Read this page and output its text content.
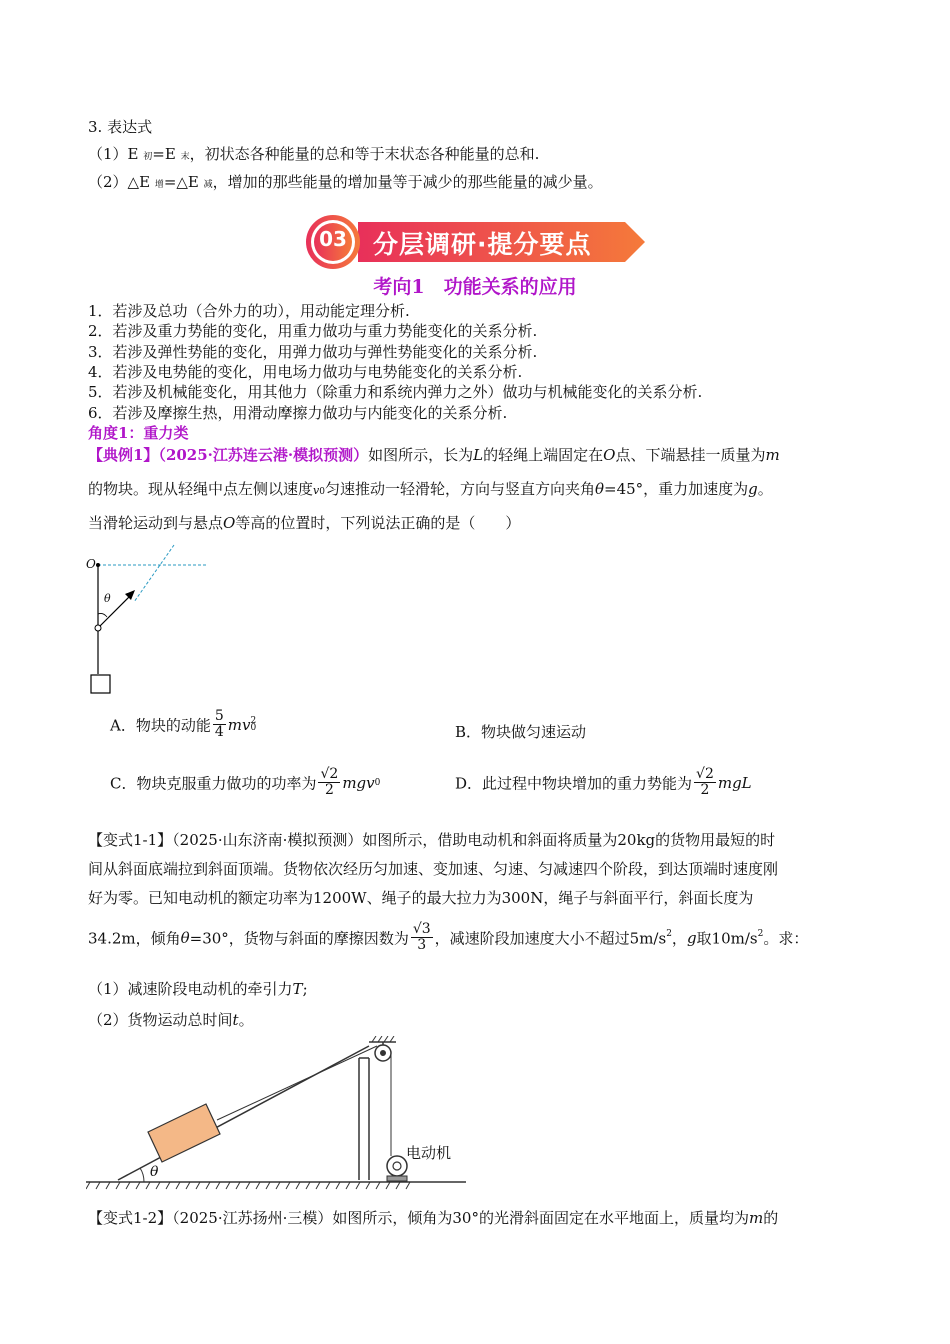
3. 表达式
（1）E 初=E 末，初状态各种能量的总和等于末状态各种能量的总和.
（2）△E 增=△E 减，增加的那些能量的增加量等于减少的那些能量的减少量。
03 分层调研·提分要点
考向1　功能关系的应用
1．若涉及总功（合外力的功），用动能定理分析.
2．若涉及重力势能的变化，用重力做功与重力势能变化的关系分析.
3．若涉及弹性势能的变化，用弹力做功与弹性势能变化的关系分析.
4．若涉及电势能的变化，用电场力做功与电势能变化的关系分析.
5．若涉及机械能变化，用其他力（除重力和系统内弹力之外）做功与机械能变化的关系分析.
6．若涉及摩擦生热，用滑动摩擦力做功与内能变化的关系分析.
角度1：重力类
【典例1】（2025·江苏连云港·模拟预测）如图所示，长为L的轻绳上端固定在O点、下端悬挂一质量为m
的物块。现从轻绳中点左侧以速度v0匀速推动一轻滑轮，方向与竖直方向夹角θ=45°，重力加速度为g。
当滑轮运动到与悬点O等高的位置时，下列说法正确的是（　　）
O
θ
A．物块的动能 $\frac{5}{4}$ mv 2
0	B．物块做匀速运动
C．物块克服重力做功的功率为 $\frac{√2}{2} mgv0$	D．此过程中物块增加的重力势能为 $\frac{√2}{2}$ mgL
【变式1-1】（2025·山东济南·模拟预测）如图所示，借助电动机和斜面将质量为20kg的货物用最短的时
间从斜面底端拉到斜面顶端。货物依次经历匀加速、变加速、匀速、匀减速四个阶段，到达顶端时速度刚
好为零。已知电动机的额定功率为1200W、绳子的最大拉力为300N，绳子与斜面平行，斜面长度为
34.2m，倾角θ=30°，货物与斜面的摩擦因数为 $\frac{√3}{3}$ ，减速阶段加速度大小不超过$5m/s^2$，g取$10m/s^2$。求：
（1）减速阶段电动机的牵引力T;
（2）货物运动总时间t。
θ
电动机
【变式1-2】（2025·江苏扬州·三模）如图所示，倾角为30°的光滑斜面固定在水平地面上，质量均为m的
